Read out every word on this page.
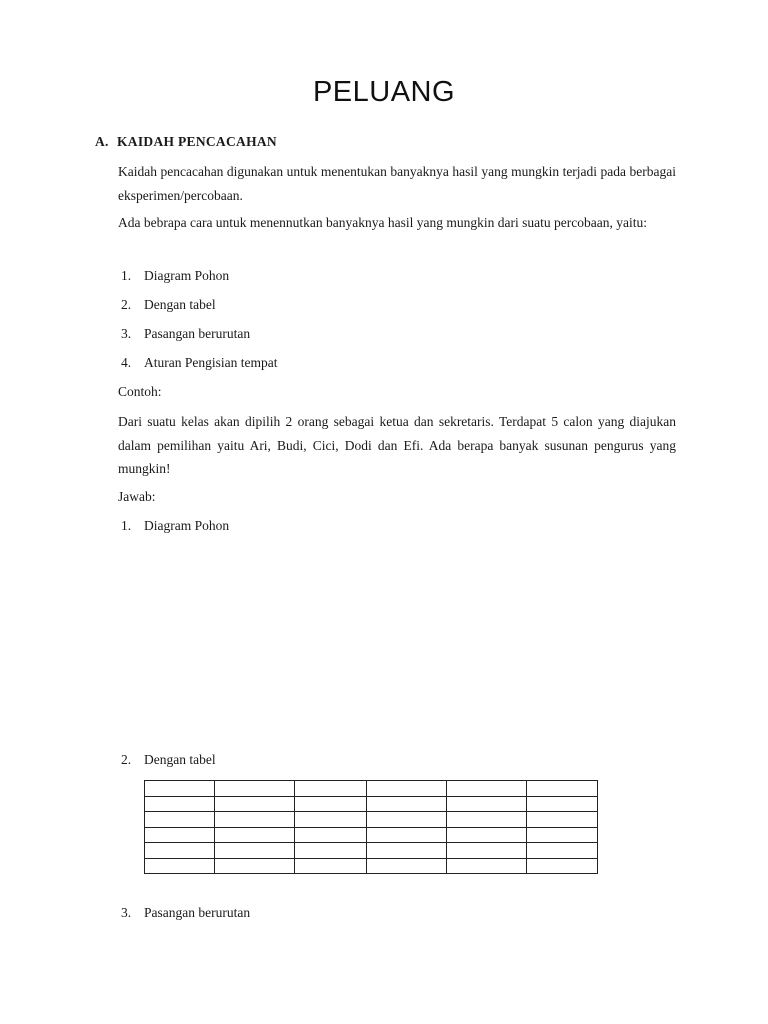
PELUANG
A. KAIDAH PENCACAHAN
Kaidah pencacahan digunakan untuk menentukan banyaknya hasil yang mungkin terjadi pada berbagai eksperimen/percobaan.
Ada bebrapa cara untuk menennutkan banyaknya hasil yang mungkin dari suatu percobaan, yaitu:
1. Diagram Pohon
2. Dengan tabel
3. Pasangan berurutan
4. Aturan Pengisian tempat
Contoh:
Dari suatu kelas akan dipilih 2 orang sebagai ketua dan sekretaris. Terdapat 5 calon yang diajukan dalam pemilihan yaitu Ari, Budi, Cici, Dodi dan Efi. Ada berapa banyak susunan pengurus yang mungkin!
Jawab:
1. Diagram Pohon
2. Dengan tabel

3. Pasangan berurutan
